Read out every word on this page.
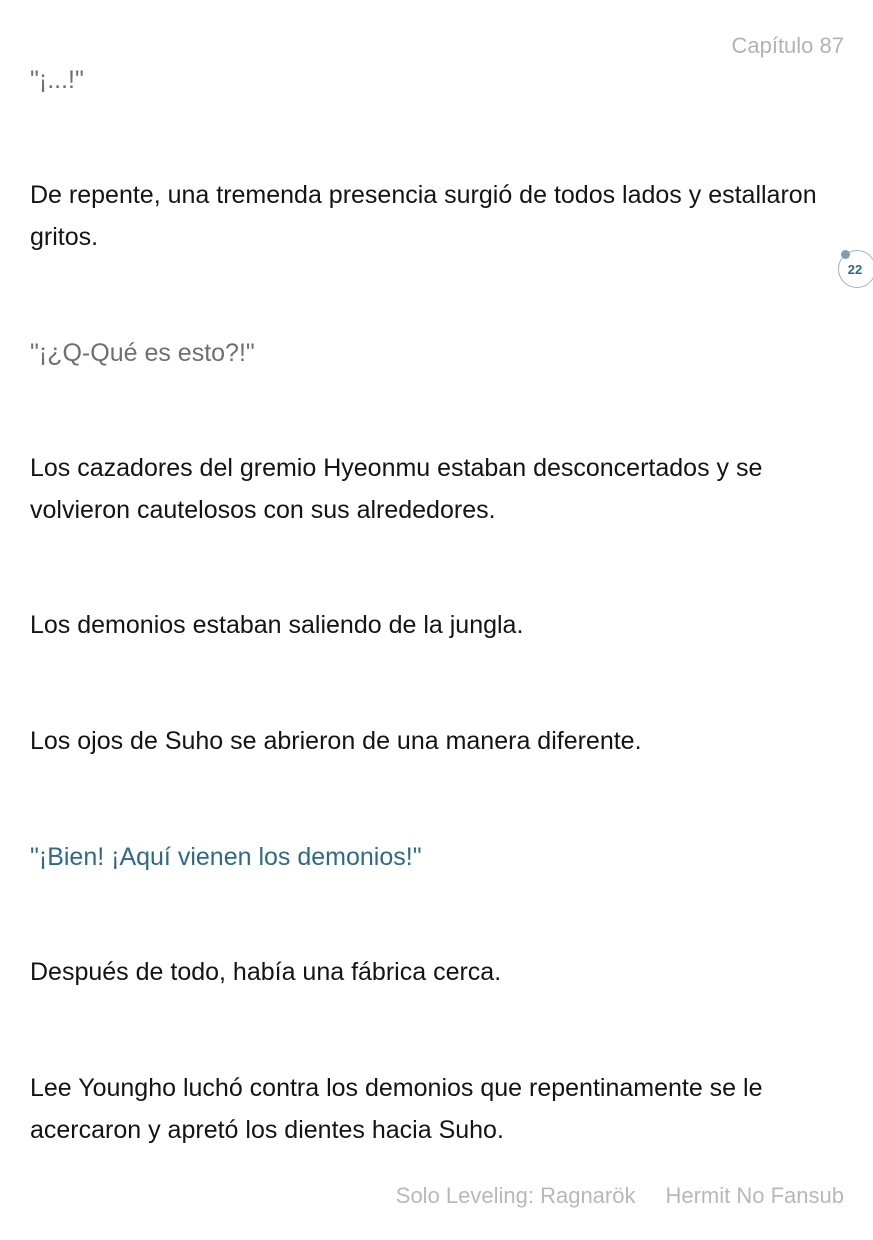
Capítulo 87

"¡...!"

De repente, una tremenda presencia surgió de todos lados y estallaron gritos.

"¡¿Q-Qué es esto?!"

Los cazadores del gremio Hyeonmu estaban desconcertados y se volvieron cautelosos con sus alrededores.

Los demonios estaban saliendo de la jungla.

Los ojos de Suho se abrieron de una manera diferente.

"¡Bien! ¡Aquí vienen los demonios!"

Después de todo, había una fábrica cerca.

Lee Youngho luchó contra los demonios que repentinamente se le acercaron y apretó los dientes hacia Suho.

22
Solo Leveling: Ragnarök Hermit No Fansub
